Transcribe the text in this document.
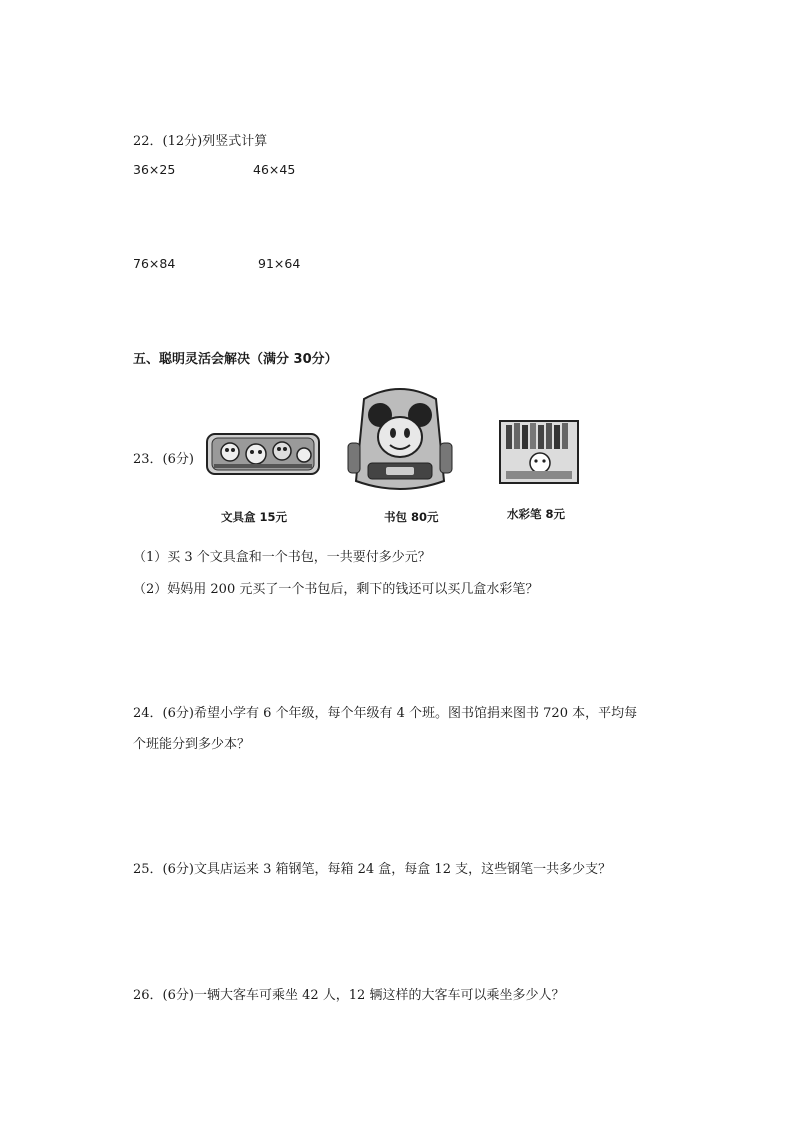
22．(12分)列竖式计算
36×25	46×45
76×84	91×64
五、聪明灵活会解决（满分 30分）
23．(6分)
文具盒 15元	书包 80元	水彩笔 8元
（1）买 3 个文具盒和一个书包，一共要付多少元？
（2）妈妈用 200 元买了一个书包后，剩下的钱还可以买几盒水彩笔？
24．(6分)希望小学有 6 个年级，每个年级有 4 个班。图书馆捐来图书 720 本，平均每
个班能分到多少本？
25．(6分)文具店运来 3 箱钢笔，每箱 24 盒，每盒 12 支，这些钢笔一共多少支？
26．(6分)一辆大客车可乘坐 42 人，12 辆这样的大客车可以乘坐多少人？
